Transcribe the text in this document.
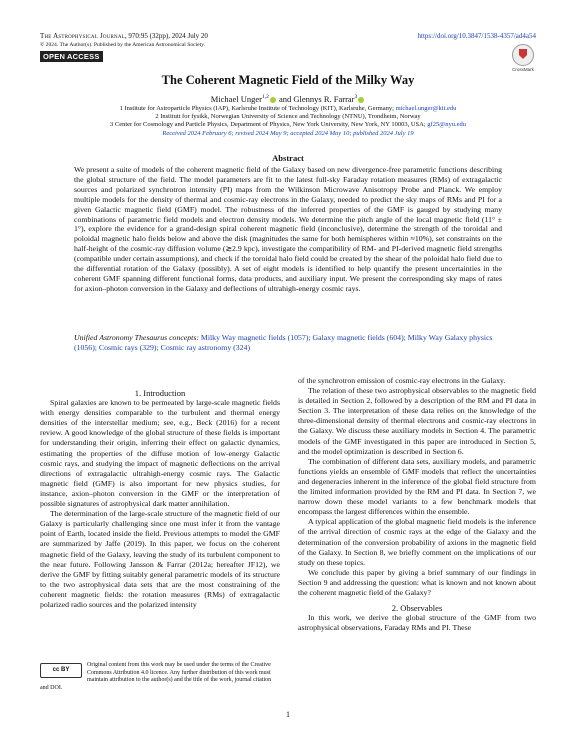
The Astrophysical Journal, 970:95 (32pp), 2024 July 20	https://doi.org/10.3847/1538-4357/ad4a54
© 2024. The Author(s). Published by the American Astronomical Society.
OPEN ACCESS
CrossMark
The Coherent Magnetic Field of the Milky Way
Michael Unger$^{1,2}$ and Glennys R. Farrar$^3$
1 Institute for Astroparticle Physics (IAP), Karlsruhe Institute of Technology (KIT), Karlsruhe, Germany; michael.unger@kit.edu
2 Institutt for fysikk, Norwegian University of Science and Technology (NTNU), Trondheim, Norway
3 Center for Cosmology and Particle Physics, Department of Physics, New York University, New York, NY 10003, USA; gf25@nyu.edu
Received 2024 February 6; revised 2024 May 9; accepted 2024 May 10; published 2024 July 19
Abstract
We present a suite of models of the coherent magnetic field of the Galaxy based on new divergence-free parametric functions describing the global structure of the field. The model parameters are fit to the latest full-sky Faraday rotation measures (RMs) of extragalactic sources and polarized synchrotron intensity (PI) maps from the Wilkinson Microwave Anisotropy Probe and Planck. We employ multiple models for the density of thermal and cosmic-ray electrons in the Galaxy, needed to predict the sky maps of RMs and PI for a given Galactic magnetic field (GMF) model. The robustness of the inferred properties of the GMF is gauged by studying many combinations of parametric field models and electron density models. We determine the pitch angle of the local magnetic field (11° ± 1°), explore the evidence for a grand-design spiral coherent magnetic field (inconclusive), determine the strength of the toroidal and poloidal magnetic halo fields below and above the disk (magnitudes the same for both hemispheres within ≈10%), set constraints on the half-height of the cosmic-ray diffusion volume (≳2.9 kpc), investigate the compatibility of RM- and PI-derived magnetic field strengths (compatible under certain assumptions), and check if the toroidal halo field could be created by the shear of the poloidal halo field due to the differential rotation of the Galaxy (possibly). A set of eight models is identified to help quantify the present uncertainties in the coherent GMF spanning different functional forms, data products, and auxiliary input. We present the corresponding sky maps of rates for axion–photon conversion in the Galaxy and deflections of ultrahigh-energy cosmic rays.
Unified Astronomy Thesaurus concepts: Milky Way magnetic fields (1057); Galaxy magnetic fields (604); Milky Way Galaxy physics (1056); Cosmic rays (329); Cosmic ray astronomy (324)

1. Introduction

Spiral galaxies are known to be permeated by large-scale magnetic fields with energy densities comparable to the turbulent and thermal energy densities of the interstellar medium; see, e.g., Beck (2016) for a recent review. A good knowledge of the global structure of these fields is important for understanding their origin, inferring their effect on galactic dynamics, estimating the properties of the diffuse motion of low-energy Galactic cosmic rays, and studying the impact of magnetic deflections on the arrival directions of extragalactic ultrahigh-energy cosmic rays. The Galactic magnetic field (GMF) is also important for new physics studies, for instance, axion–photon conversion in the GMF or the interpretation of possible signatures of astrophysical dark matter annihilation.

The determination of the large-scale structure of the magnetic field of our Galaxy is particularly challenging since one must infer it from the vantage point of Earth, located inside the field. Previous attempts to model the GMF are summarized by Jaffe (2019). In this paper, we focus on the coherent magnetic field of the Galaxy, leaving the study of its turbulent component to the near future. Following Jansson & Farrar (2012a; hereafter JF12), we derive the GMF by fitting suitably general parametric models of its structure to the two astrophysical data sets that are the most constraining of the coherent magnetic fields: the rotation measures (RMs) of extragalactic polarized radio sources and the polarized intensity

of the synchrotron emission of cosmic-ray electrons in the Galaxy.

The relation of these two astrophysical observables to the magnetic field is detailed in Section 2, followed by a description of the RM and PI data in Section 3. The interpretation of these data relies on the knowledge of the three-dimensional density of thermal electrons and cosmic-ray electrons in the Galaxy. We discuss these auxiliary models in Section 4. The parametric models of the GMF investigated in this paper are introduced in Section 5, and the model optimization is described in Section 6.

The combination of different data sets, auxiliary models, and parametric functions yields an ensemble of GMF models that reflect the uncertainties and degeneracies inherent in the inference of the global field structure from the limited information provided by the RM and PI data. In Section 7, we narrow down these model variants to a few benchmark models that encompass the largest differences within the ensemble.

A typical application of the global magnetic field models is the inference of the arrival direction of cosmic rays at the edge of the Galaxy and the determination of the conversion probability of axions in the magnetic field of the Galaxy. In Section 8, we briefly comment on the implications of our study on these topics.

We conclude this paper by giving a brief summary of our findings in Section 9 and addressing the question: what is known and not known about the coherent magnetic field of the Galaxy?

2. Observables

In this work, we derive the global structure of the GMF from two astrophysical observations, Faraday RMs and PI. These

cc BY
Original content from this work may be used under the terms of the Creative Commons Attribution 4.0 licence. Any further distribution of this work must maintain attribution to the author(s) and the title of the work, journal citation and DOI.
1
